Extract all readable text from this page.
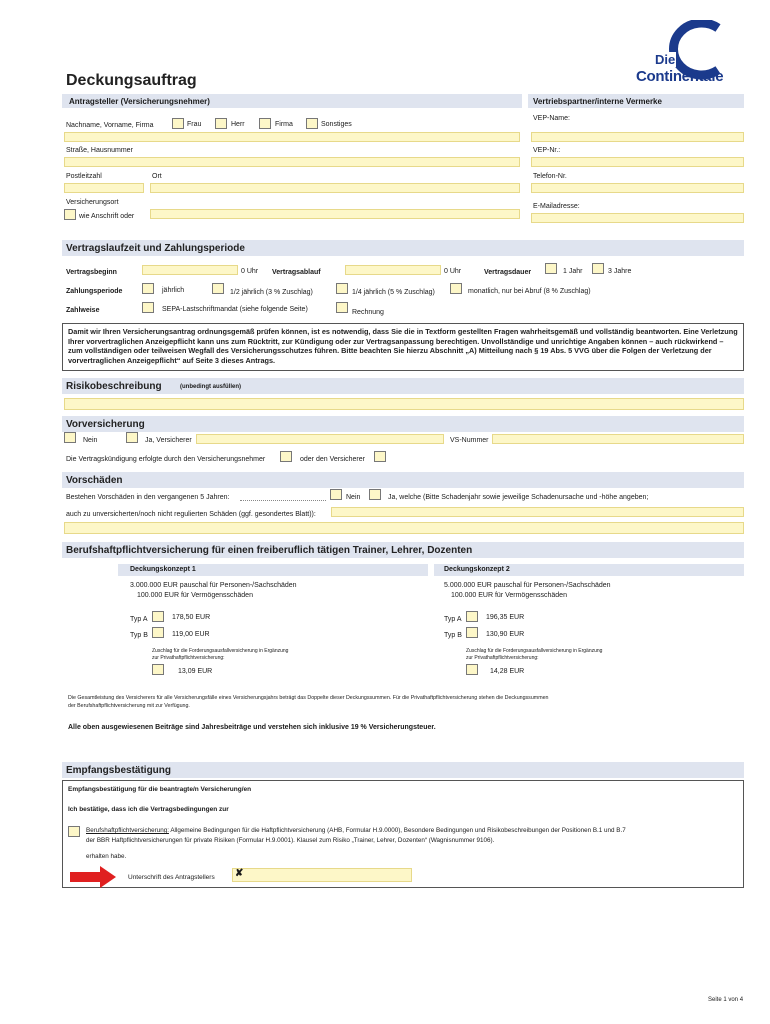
Die
Continentale
Deckungsauftrag
Antragsteller (Versicherungsnehmer)	Vertriebspartner/interne Vermerke
Nachname, Vorname, Firma	Frau	Herr	Firma	Sonstiges
Straße, Hausnummer
Postleitzahl	Ort
Versicherungsort
wie Anschrift oder
VEP-Name:
VEP-Nr.:
Telefon-Nr.
E-Mailadresse:
Vertragslaufzeit und Zahlungsperiode
Vertragsbeginn	0 Uhr Vertragsablauf	0 Uhr	Vertragsdauer	1 Jahr	3 Jahre
Zahlungsperiode	jährlich	1/2 jährlich (3 % Zuschlag)	1/4 jährlich (5 % Zuschlag)	monatlich, nur bei Abruf (8 % Zuschlag)
Zahlweise	SEPA-Lastschriftmandat (siehe folgende Seite)	Rechnung
Damit wir Ihren Versicherungsantrag ordnungsgemäß prüfen können, ist es notwendig, dass Sie die in Textform gestellten Fragen wahrheitsgemäß und vollständig beantworten. Eine Verletzung Ihrer vorvertraglichen Anzeigepflicht kann uns zum Rücktritt, zur Kündigung oder zur Vertragsanpassung berechtigen. Unvollständige und unrichtige Angaben können – auch rückwirkend – zum vollständigen oder teilweisen Wegfall des Versicherungsschutzes führen. Bitte beachten Sie hierzu Abschnitt „A) Mitteilung nach § 19 Abs. 5 VVG über die Folgen der Verletzung der vorvertraglichen Anzeigepflicht“ auf Seite 3 dieses Antrags.
Risikobeschreibung	(unbedingt ausfüllen)
Vorversicherung
Nein	Ja, Versicherer	VS-Nummer
Die Vertragskündigung erfolgte durch den Versicherungsnehmer	oder den Versicherer
Vorschäden
Bestehen Vorschäden in den vergangenen 5 Jahren:	Nein	Ja, welche (Bitte Schadenjahr sowie jeweilige Schadenursache und -höhe angeben;
auch zu unversicherten/noch nicht regulierten Schäden (ggf. gesondertes Blatt)):
Berufshaftpflichtversicherung für einen freiberuflich tätigen Trainer, Lehrer, Dozenten
Deckungskonzept 1
3.000.000 EUR pauschal für Personen-/Sachschäden
100.000 EUR für Vermögensschäden
Typ A	178,50 EUR
Typ B	119,00 EUR
Zuschlag für die Forderungsausfallversicherung in Ergänzung
zur Privathaftpflichtversicherung:
13,09 EUR
Deckungskonzept 2
5.000.000 EUR pauschal für Personen-/Sachschäden
100.000 EUR für Vermögensschäden
Typ A	196,35 EUR
Typ B	130,90 EUR
Zuschlag für die Forderungsausfallversicherung in Ergänzung
zur Privathaftpflichtversicherung:
14,28 EUR
Die Gesamtleistung des Versicherers für alle Versicherungsfälle eines Versicherungsjahrs beträgt das Doppelte dieser Deckungssummen. Für die Privathaftpflichtversicherung stehen die Deckungssummen
der Berufshaftpflichtversicherung mit zur Verfügung.
Alle oben ausgewiesenen Beiträge sind Jahresbeiträge und verstehen sich inklusive 19 % Versicherungsteuer.
Empfangsbestätigung
Empfangsbestätigung für die beantragte/n Versicherung/en
Ich bestätige, dass ich die Vertragsbedingungen zur
Berufshaftpflichtversicherung: Allgemeine Bedingungen für die Haftpflichtversicherung (AHB, Formular H.9.0000), Besondere Bedingungen und Risikobeschreibungen der Positionen B.1 und B.7
der BBR Haftpflichtversicherungen für private Risiken (Formular H.9.0001). Klausel zum Risiko „Trainer, Lehrer, Dozenten“ (Wagnisnummer 9106).
erhalten habe.
Unterschrift des Antragstellers ✘
Seite 1 von 4
